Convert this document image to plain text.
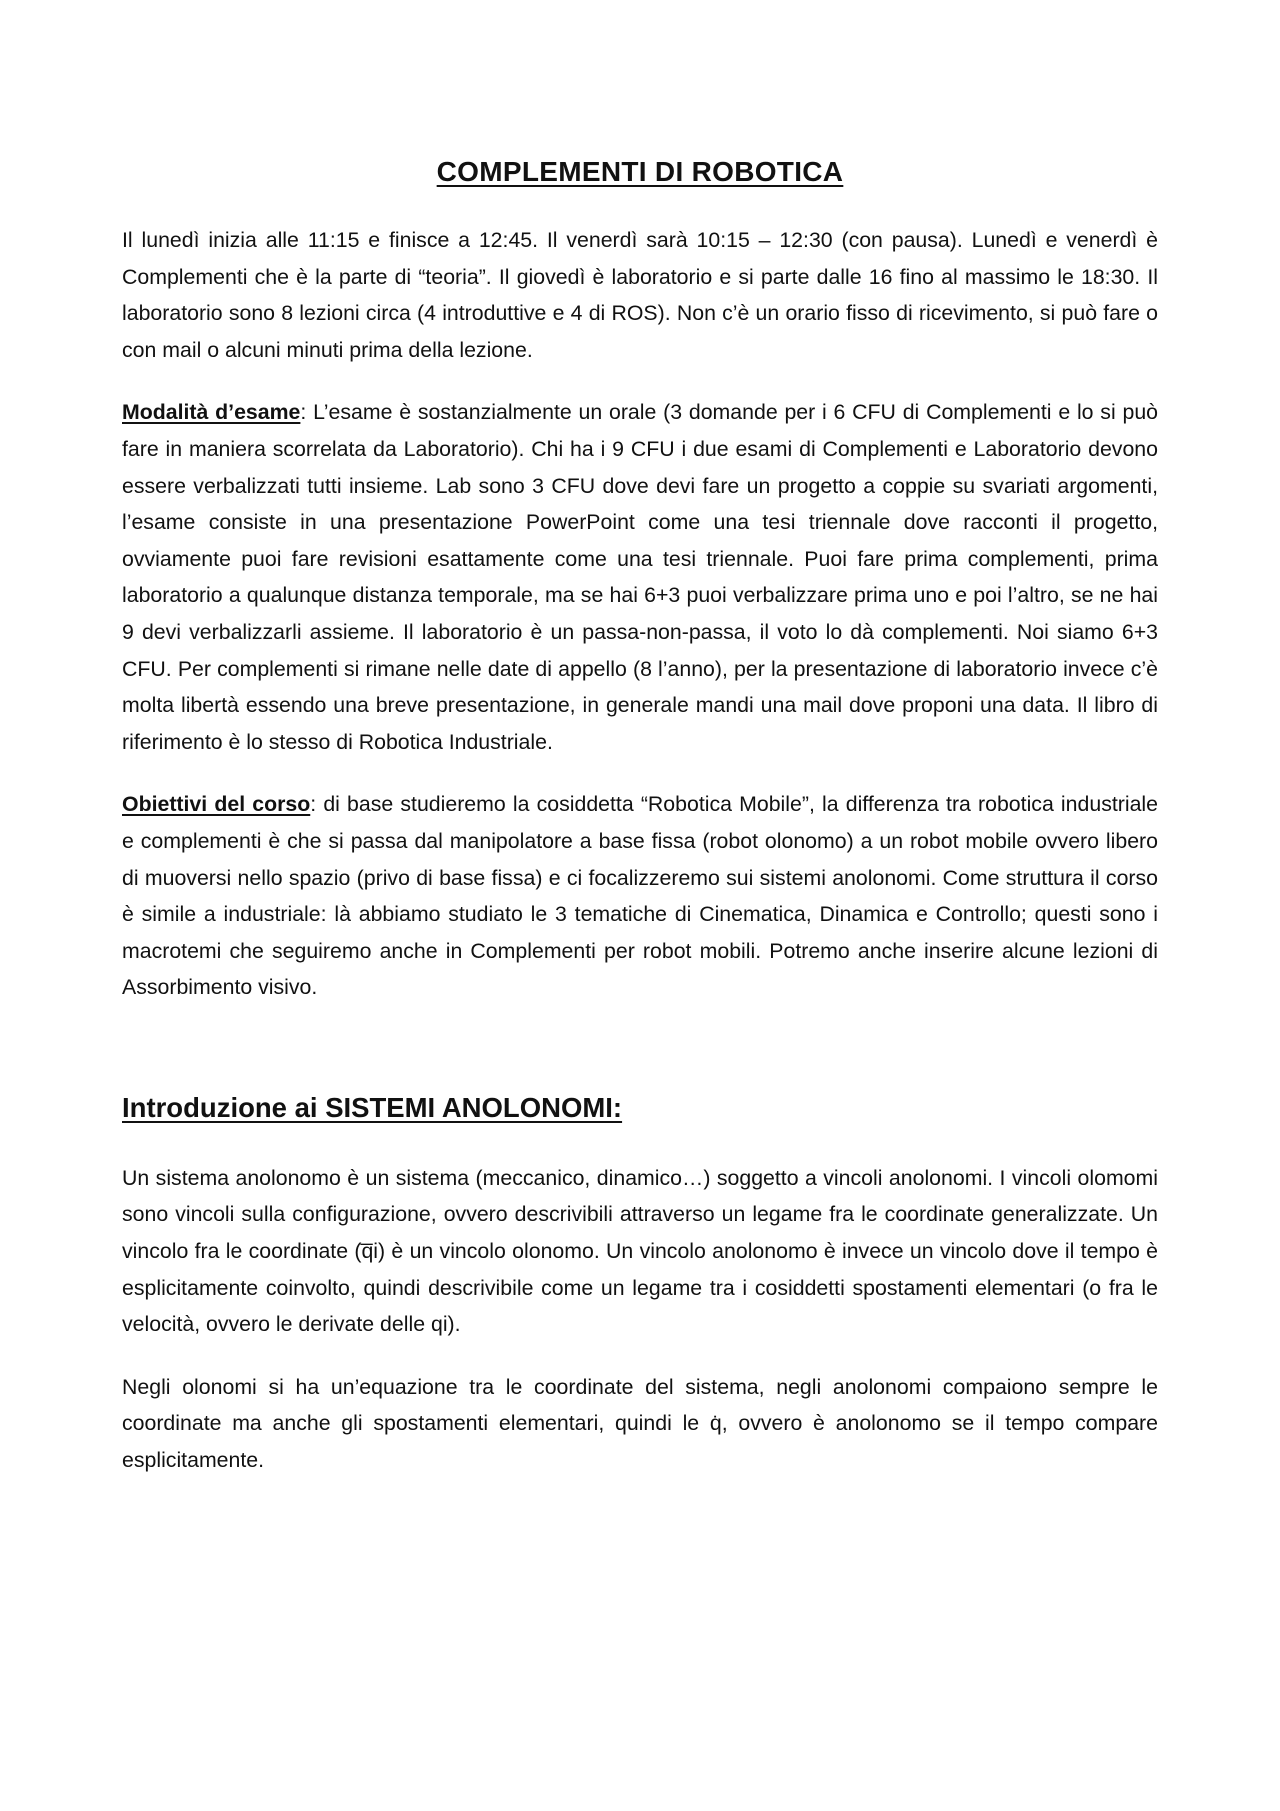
COMPLEMENTI DI ROBOTICA

Il lunedì inizia alle 11:15 e finisce a 12:45. Il venerdì sarà 10:15 – 12:30 (con pausa). Lunedì e venerdì è Complementi che è la parte di “teoria”. Il giovedì è laboratorio e si parte dalle 16 fino al massimo le 18:30. Il laboratorio sono 8 lezioni circa (4 introduttive e 4 di ROS). Non c’è un orario fisso di ricevimento, si può fare o con mail o alcuni minuti prima della lezione.

Modalità d’esame: L’esame è sostanzialmente un orale (3 domande per i 6 CFU di Complementi e lo si può fare in maniera scorrelata da Laboratorio). Chi ha i 9 CFU i due esami di Complementi e Laboratorio devono essere verbalizzati tutti insieme. Lab sono 3 CFU dove devi fare un progetto a coppie su svariati argomenti, l’esame consiste in una presentazione PowerPoint come una tesi triennale dove racconti il progetto, ovviamente puoi fare revisioni esattamente come una tesi triennale. Puoi fare prima complementi, prima laboratorio a qualunque distanza temporale, ma se hai 6+3 puoi verbalizzare prima uno e poi l’altro, se ne hai 9 devi verbalizzarli assieme. Il laboratorio è un passa-non-passa, il voto lo dà complementi. Noi siamo 6+3 CFU. Per complementi si rimane nelle date di appello (8 l’anno), per la presentazione di laboratorio invece c’è molta libertà essendo una breve presentazione, in generale mandi una mail dove proponi una data. Il libro di riferimento è lo stesso di Robotica Industriale.

Obiettivi del corso: di base studieremo la cosiddetta “Robotica Mobile”, la differenza tra robotica industriale e complementi è che si passa dal manipolatore a base fissa (robot olonomo) a un robot mobile ovvero libero di muoversi nello spazio (privo di base fissa) e ci focalizzeremo sui sistemi anolonomi. Come struttura il corso è simile a industriale: là abbiamo studiato le 3 tematiche di Cinematica, Dinamica e Controllo; questi sono i macrotemi che seguiremo anche in Complementi per robot mobili. Potremo anche inserire alcune lezioni di Assorbimento visivo.

Introduzione ai SISTEMI ANOLONOMI:

Un sistema anolonomo è un sistema (meccanico, dinamico…) soggetto a vincoli anolonomi. I vincoli olomomi sono vincoli sulla configurazione, ovvero descrivibili attraverso un legame fra le coordinate generalizzate. Un vincolo fra le coordinate (q̅i) è un vincolo olonomo. Un vincolo anolonomo è invece un vincolo dove il tempo è esplicitamente coinvolto, quindi descrivibile come un legame tra i cosiddetti spostamenti elementari (o fra le velocità, ovvero le derivate delle qi).

Negli olonomi si ha un’equazione tra le coordinate del sistema, negli anolonomi compaiono sempre le coordinate ma anche gli spostamenti elementari, quindi le q̇, ovvero è anolonomo se il tempo compare esplicitamente.
